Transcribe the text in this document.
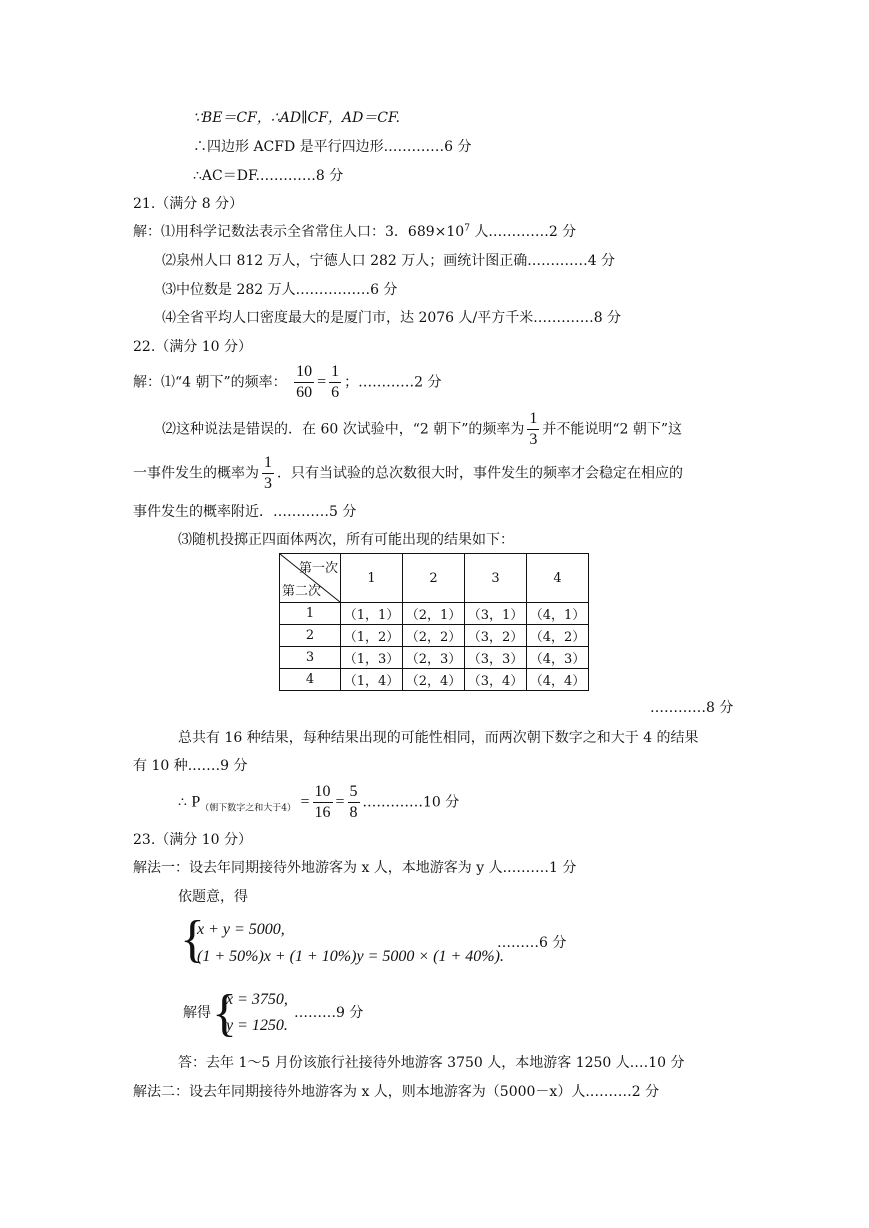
∵BE＝CF，∴AD∥CF，AD＝CF.
∴四边形 ACFD 是平行四边形.…………6 分
∴AC＝DF.…………8 分
21.（满分 8 分）
解：⑴用科学记数法表示全省常住人口：3．$689\times 10^7$ 人.…………2 分
⑵泉州人口 812 万人，宁德人口 282 万人；画统计图正确.…………4 分
⑶中位数是 282 万人.……………6 分
⑷全省平均人口密度最大的是厦门市，达 2076 人/平方千米.…………8 分
22.（满分 10 分）
解：⑴“4 朝下”的频率： $\frac{10}{60} = \frac{1}{6}$ ；…………2 分
⑵这种说法是错误的．在 60 次试验中，“2 朝下”的频率为 $\frac{1}{3}$ 并不能说明“2 朝下”这
一事件发生的概率为 $\frac{1}{3}$ ．只有当试验的总次数很大时，事件发生的频率才会稳定在相应的
事件发生的概率附近．…………5 分
⑶随机投掷正四面体两次，所有可能出现的结果如下：
第一次
第二次	1	2	3	4
1	（1，1）	（2，1）	（3，1）	（4，1）
2	（1，2）	（2，2）	（3，2）	（4，2）
3	（1，3）	（2，3）	（3，3）	（4，3）
4	（1，4）	（2，4）	（3，4）	（4，4）
…………8 分
总共有 16 种结果，每种结果出现的可能性相同，而两次朝下数字之和大于 4 的结果
有 10 种.……9 分
∴ $P_{(朝下数字之和大于4)} = \frac{10}{16} = \frac{5}{8}$ .…………10 分
23.（满分 10 分）
解法一：设去年同期接待外地游客为 x 人，本地游客为 y 人.………1 分
依题意，得
{
x + y = 5000,
(1 + 50%)x + (1 + 10%)y = 5000 × (1 + 40%).
………6 分
解得 {
x = 3750,
y = 1250.
………9 分
答：去年 1～5 月份该旅行社接待外地游客 3750 人，本地游客 1250 人.…10 分
解法二：设去年同期接待外地游客为 x 人，则本地游客为（5000－x）人.………2 分
